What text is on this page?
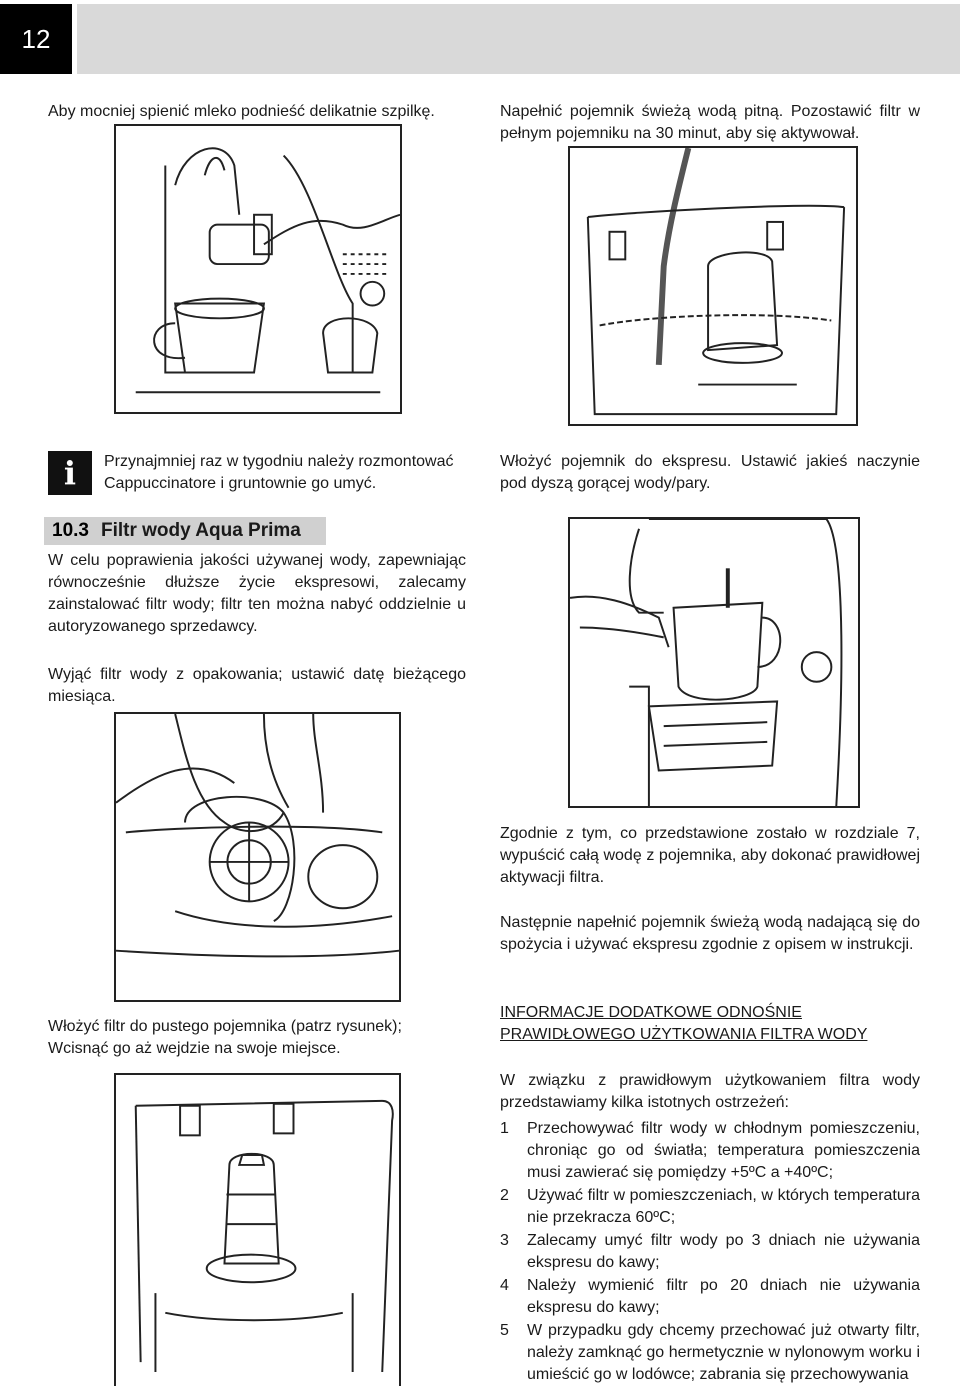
12

Aby mocniej spienić mleko podnieść delikatnie szpilkę.

i	Przynajmniej raz w tygodniu należy rozmontować
Cappuccinatore i gruntownie go umyć.
10.3 Filtr wody Aqua Prima

W celu poprawienia jakości używanej wody, zapewniając równocześnie dłuższe życie ekspresowi, zalecamy zainstalować filtr wody; filtr ten można nabyć oddzielnie u autoryzowanego sprzedawcy.

Wyjąć filtr wody z opakowania; ustawić datę bieżącego miesiąca.

Włożyć filtr do pustego pojemnika (patrz rysunek); Wcisnąć go aż wejdzie na swoje miejsce.

Napełnić pojemnik świeżą wodą pitną. Pozostawić filtr w pełnym pojemniku na 30 minut, aby się aktywował.

Włożyć pojemnik do ekspresu. Ustawić jakieś naczynie pod dyszą gorącej wody/pary.

Zgodnie z tym, co przedstawione zostało w rozdziale 7, wypuścić całą wodę z pojemnika, aby dokonać prawidłowej aktywacji filtra.

Następnie napełnić pojemnik świeżą wodą nadającą się do spożycia i używać ekspresu zgodnie z opisem w instrukcji.

INFORMACJE DODATKOWE ODNOŚNIE
PRAWIDŁOWEGO UŻYTKOWANIA FILTRA WODY

W związku z prawidłowym użytkowaniem filtra wody przedstawiamy kilka istotnych ostrzeżeń:

1 Przechowywać filtr wody w chłodnym pomieszczeniu, chroniąc go od światła; temperatura pomieszczenia musi zawierać się pomiędzy +5ºC a +40ºC;
2 Używać filtr w pomieszczeniach, w których temperatura nie przekracza 60ºC;
3 Zalecamy umyć filtr wody po 3 dniach nie używania ekspresu do kawy;
4 Należy wymienić filtr po 20 dniach nie używania ekspresu do kawy;
5 W przypadku gdy chcemy przechować już otwarty filtr, należy zamknąć go hermetycznie w nylonowym worku i umieścić go w lodówce; zabrania się przechowywania
